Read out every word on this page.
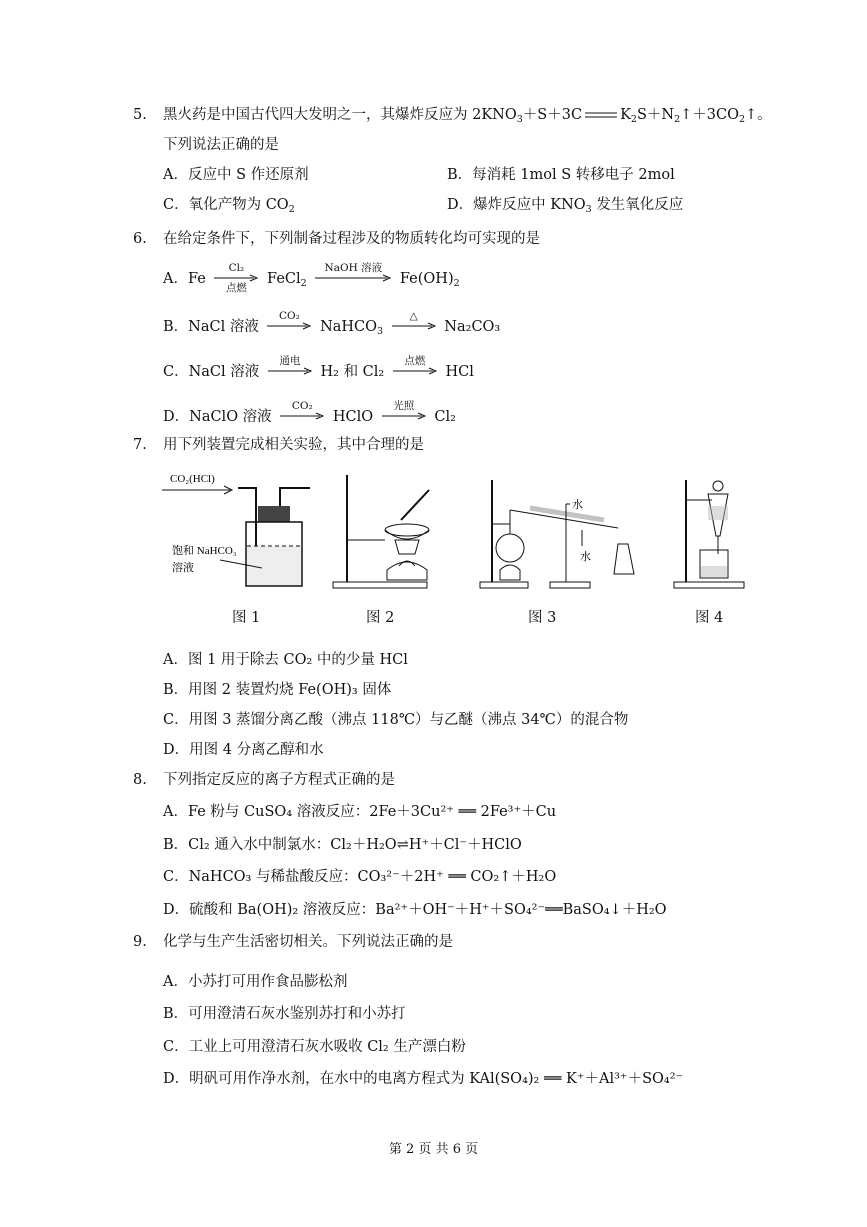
5. 黑火药是中国古代四大发明之一，其爆炸反应为 $2KNO_3+S+3C$	$K_2S+N_2↑+3CO_2↑$。
下列说法正确的是
A．反应中 S 作还原剂	B．每消耗 1mol S 转移电子 2mol
C．氧化产物为 $CO_2$	D．爆炸反应中 $KNO_3$ 发生氧化反应
6. 在给定条件下，下列制备过程涉及的物质转化均可实现的是
A．Fe
Cl₂
点燃
FeCl$_2$
NaOH 溶液
$Fe(OH)_2$
B．NaCl 溶液
CO₂
NaHCO$_3$
△
Na₂CO₃
C．NaCl 溶液
通电
H₂ 和 Cl₂
点燃
HCl
D．NaClO 溶液
CO₂
HClO
光照
Cl₂
7. 用下列装置完成相关实验，其中合理的是
CO₂(HCl)
饱和 NaHCO₃
溶液
水
水
图 1	图 2	图 3	图 4
A．图 1 用于除去 CO₂ 中的少量 HCl
B．用图 2 装置灼烧 Fe(OH)₃ 固体
C．用图 3 蒸馏分离乙酸（沸点 118℃）与乙醚（沸点 34℃）的混合物
D．用图 4 分离乙醇和水
8. 下列指定反应的离子方程式正确的是
A．Fe 粉与 CuSO₄ 溶液反应：2Fe＋3Cu²⁺ ══ 2Fe³⁺＋Cu
B．Cl₂ 通入水中制氯水：Cl₂＋H₂O⇌H⁺＋Cl⁻＋HClO
C．NaHCO₃ 与稀盐酸反应：CO₃²⁻＋2H⁺ ══ CO₂↑＋H₂O
D．硫酸和 Ba(OH)₂ 溶液反应：Ba²⁺＋OH⁻＋H⁺＋SO₄²⁻══BaSO₄↓＋H₂O
9. 化学与生产生活密切相关。下列说法正确的是
A．小苏打可用作食品膨松剂
B．可用澄清石灰水鉴别苏打和小苏打
C．工业上可用澄清石灰水吸收 Cl₂ 生产漂白粉
D．明矾可用作净水剂，在水中的电离方程式为 KAl(SO₄)₂ ══ K⁺＋Al³⁺＋SO₄²⁻
第 2 页 共 6 页
